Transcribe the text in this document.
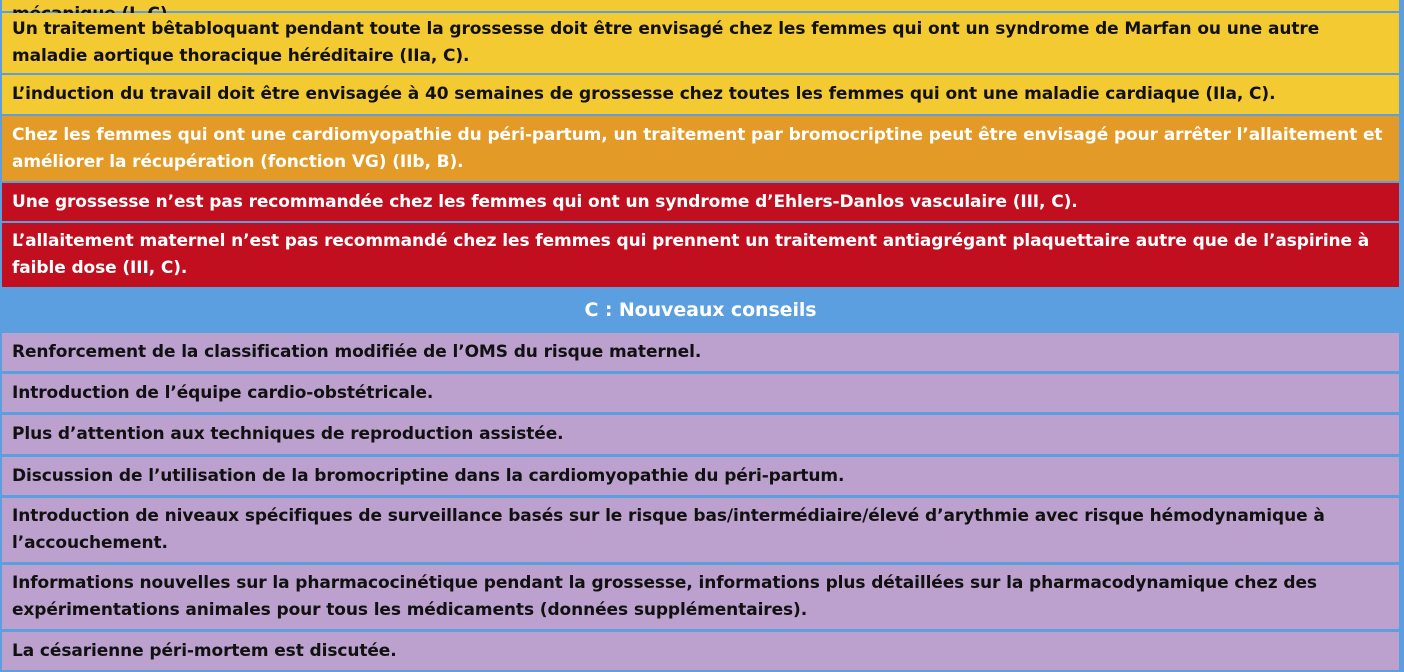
Un traitement bêtabloquant pendant toute la grossesse doit être envisagé chez les femmes qui ont un syndrome de Marfan ou une autre maladie aortique thoracique héréditaire (IIa, C).
L’induction du travail doit être envisagée à 40 semaines de grossesse chez toutes les femmes qui ont une maladie cardiaque (IIa, C).
Chez les femmes qui ont une cardiomyopathie du péri-partum, un traitement par bromocriptine peut être envisagé pour arrêter l’allaitement et améliorer la récupération (fonction VG) (IIb, B).
Une grossesse n’est pas recommandée chez les femmes qui ont un syndrome d’Ehlers-Danlos vasculaire (III, C).
L’allaitement maternel n’est pas recommandé chez les femmes qui prennent un traitement antiagrégant plaquettaire autre que de l’aspirine à faible dose (III, C).
C : Nouveaux conseils
Renforcement de la classification modifiée de l’OMS du risque maternel.
Introduction de l’équipe cardio-obstétricale.
Plus d’attention aux techniques de reproduction assistée.
Discussion de l’utilisation de la bromocriptine dans la cardiomyopathie du péri-partum.
Introduction de niveaux spécifiques de surveillance basés sur le risque bas/intermédiaire/élevé d’arythmie avec risque hémodynamique à l’accouchement.
Informations nouvelles sur la pharmacocinétique pendant la grossesse, informations plus détaillées sur la pharmacodynamique chez des expérimentations animales pour tous les médicaments (données supplémentaires).
La césarienne péri-mortem est discutée.
